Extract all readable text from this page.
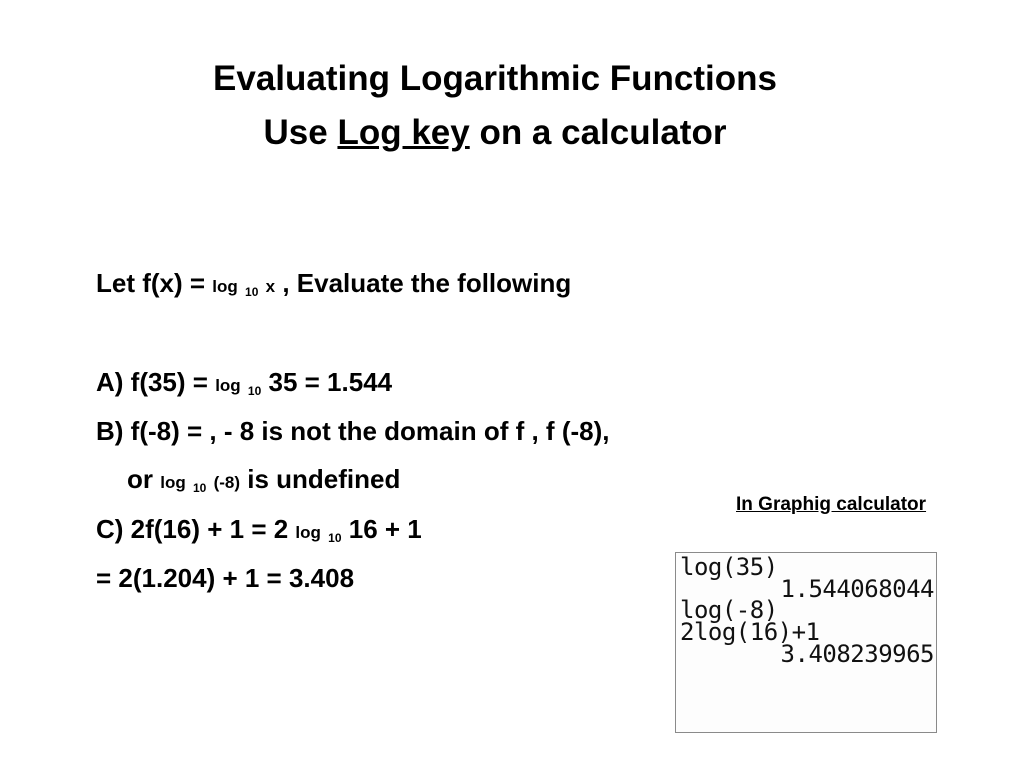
Evaluating Logarithmic Functions
Use Log key on a calculator
Let f(x) = log $_{10}$ x , Evaluate the following
A) f(35) = log $_{10}$ 35 = 1.544
B) f(-8) = , - 8 is not the domain of f , f (-8),
or log $_{10}$ (-8) is undefined
C) 2f(16) + 1 = 2 log $_{10}$ 16 + 1
= 2(1.204) + 1 = 3.408
In Graphig calculator
log(35)
1.544068044
log(-8)
2log(16)+1
3.408239965
